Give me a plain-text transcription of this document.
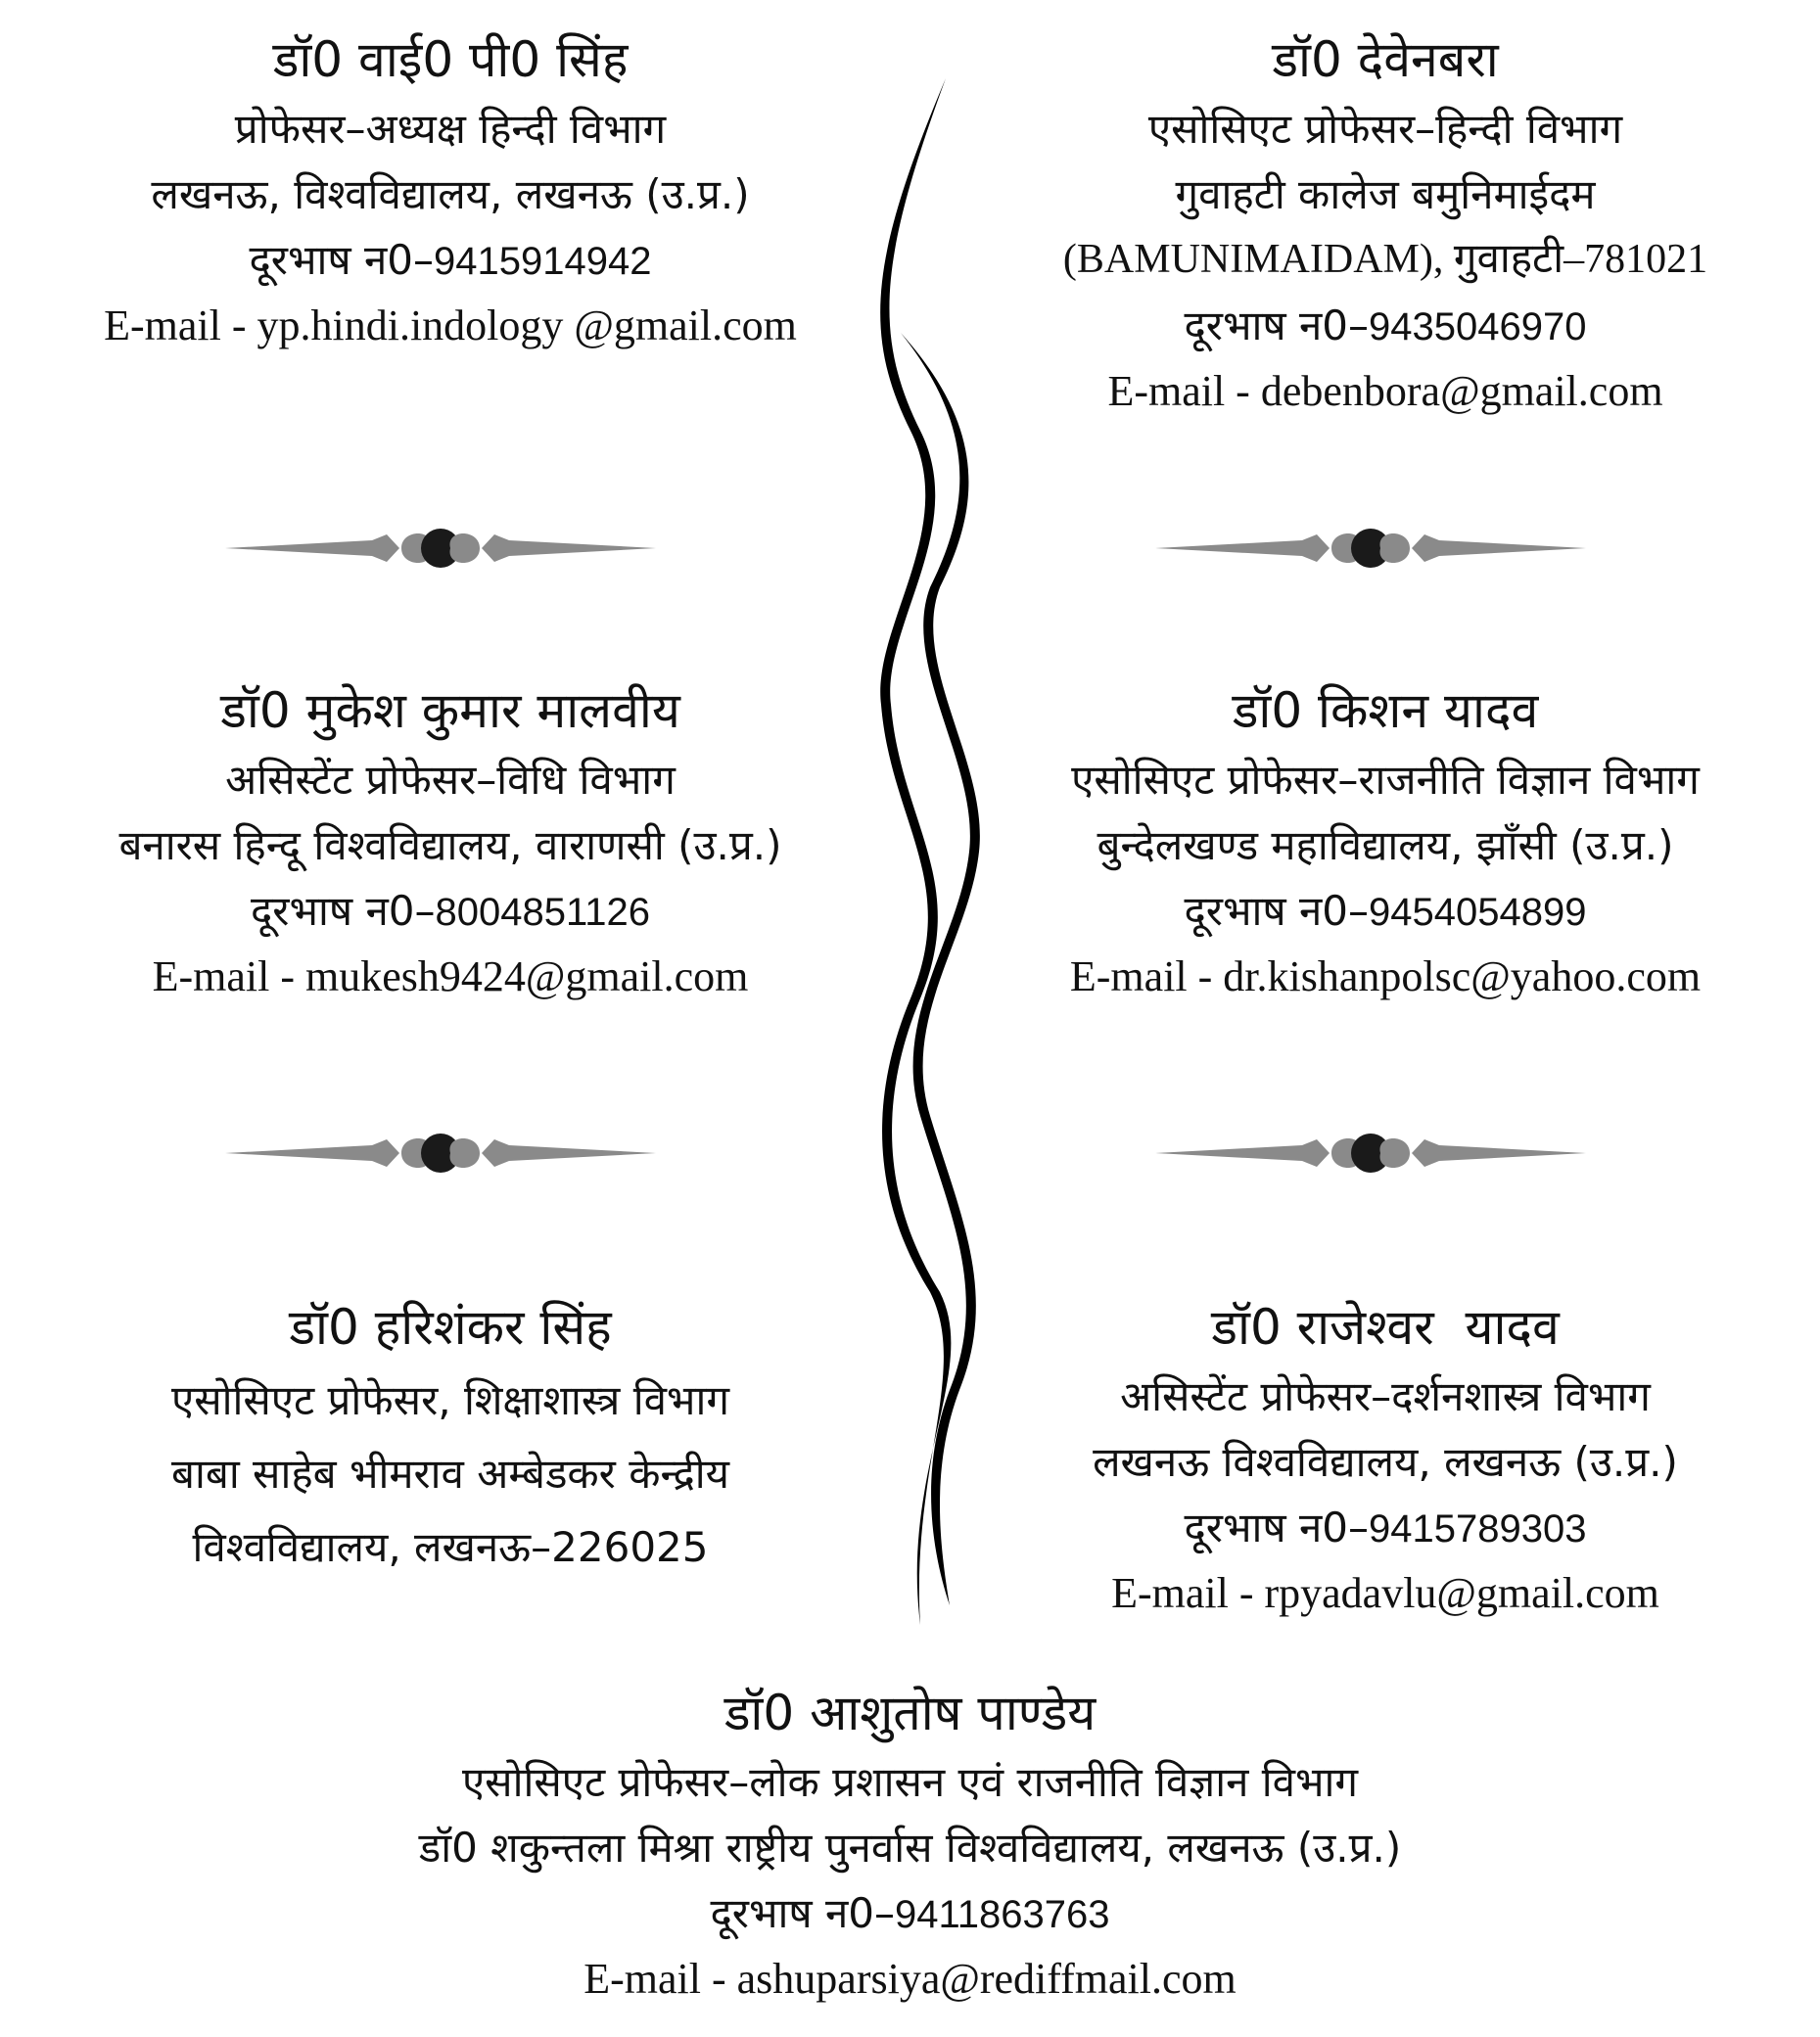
डॉ0 वाई0 पी0 सिंह
प्रोफेसर–अध्यक्ष हिन्दी विभाग
लखनऊ, विश्वविद्यालय, लखनऊ (उ.प्र.)
दूरभाष न0–9415914942
E-mail - yp.hindi.indology @gmail.com
डॉ0 देवेनबरा
एसोसिएट प्रोफेसर–हिन्दी विभाग
गुवाहटी कालेज बमुनिमाईदम
(BAMUNIMAIDAM), गुवाहटी–781021
दूरभाष न0–9435046970
E-mail - debenbora@gmail.com
डॉ0 मुकेश कुमार मालवीय
असिस्टेंट प्रोफेसर–विधि विभाग
बनारस हिन्दू विश्वविद्यालय, वाराणसी (उ.प्र.)
दूरभाष न0–8004851126
E-mail - mukesh9424@gmail.com
डॉ0 किशन यादव
एसोसिएट प्रोफेसर–राजनीति विज्ञान विभाग
बुन्देलखण्ड महाविद्यालय, झाँसी (उ.प्र.)
दूरभाष न0–9454054899
E-mail - dr.kishanpolsc@yahoo.com
डॉ0 हरिशंकर सिंह
एसोसिएट प्रोफेसर, शिक्षाशास्त्र विभाग
बाबा साहेब भीमराव अम्बेडकर केन्द्रीय
विश्वविद्यालय, लखनऊ–226025
डॉ0 राजेश्वर  यादव
असिस्टेंट प्रोफेसर–दर्शनशास्त्र विभाग
लखनऊ विश्वविद्यालय, लखनऊ (उ.प्र.)
दूरभाष न0–9415789303
E-mail - rpyadavlu@gmail.com
डॉ0 आशुतोष पाण्डेय
एसोसिएट प्रोफेसर–लोक प्रशासन एवं राजनीति विज्ञान विभाग
डॉ0 शकुन्तला मिश्रा राष्ट्रीय पुनर्वास विश्वविद्यालय, लखनऊ (उ.प्र.)
दूरभाष न0–9411863763
E-mail - ashuparsiya@rediffmail.com
